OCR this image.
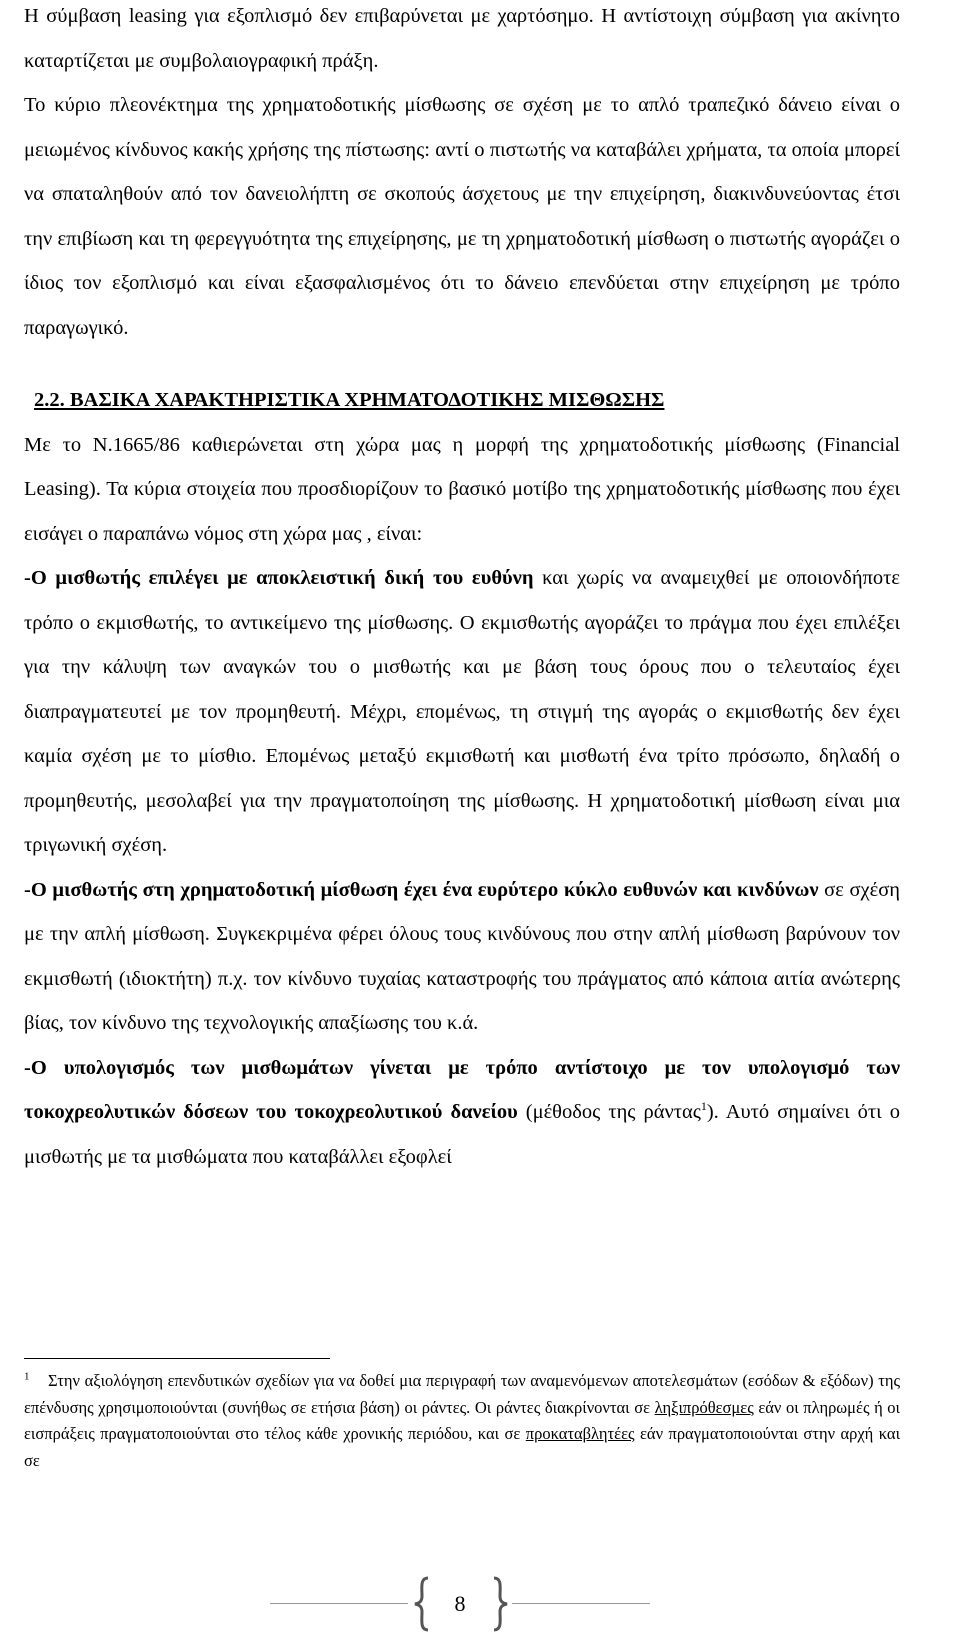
Η σύμβαση leasing για εξοπλισμό δεν επιβαρύνεται με χαρτόσημο. Η αντίστοιχη σύμβαση για ακίνητο καταρτίζεται με συμβολαιογραφική πράξη.

Το κύριο πλεονέκτημα της χρηματοδοτικής μίσθωσης σε σχέση με το απλό τραπεζικό δάνειο είναι ο μειωμένος κίνδυνος κακής χρήσης της πίστωσης: αντί ο πιστωτής να καταβάλει χρήματα, τα οποία μπορεί να σπαταληθούν από τον δανειολήπτη σε σκοπούς άσχετους με την επιχείρηση, διακινδυνεύοντας έτσι την επιβίωση και τη φερεγγυότητα της επιχείρησης, με τη χρηματοδοτική μίσθωση ο πιστωτής αγοράζει ο ίδιος τον εξοπλισμό και είναι εξασφαλισμένος ότι το δάνειο επενδύεται στην επιχείρηση με τρόπο παραγωγικό.

2.2. ΒΑΣΙΚΑ ΧΑΡΑΚΤΗΡΙΣΤΙΚΑ ΧΡΗΜΑΤΟΔΟΤΙΚΗΣ ΜΙΣΘΩΣΗΣ

Με το Ν.1665/86 καθιερώνεται στη χώρα μας η μορφή της χρηματοδοτικής μίσθωσης (Financial Leasing). Τα κύρια στοιχεία που προσδιορίζουν το βασικό μοτίβο της χρηματοδοτικής μίσθωσης που έχει εισάγει ο παραπάνω νόμος στη χώρα μας , είναι:

-Ο μισθωτής επιλέγει με αποκλειστική δική του ευθύνη και χωρίς να αναμειχθεί με οποιονδήποτε τρόπο ο εκμισθωτής, το αντικείμενο της μίσθωσης. Ο εκμισθωτής αγοράζει το πράγμα που έχει επιλέξει για την κάλυψη των αναγκών του ο μισθωτής και με βάση τους όρους που ο τελευταίος έχει διαπραγματευτεί με τον προμηθευτή. Μέχρι, επομένως, τη στιγμή της αγοράς ο εκμισθωτής δεν έχει καμία σχέση με το μίσθιο. Επομένως μεταξύ εκμισθωτή και μισθωτή ένα τρίτο πρόσωπο, δηλαδή ο προμηθευτής, μεσολαβεί για την πραγματοποίηση της μίσθωσης. Η χρηματοδοτική μίσθωση είναι μια τριγωνική σχέση.

-Ο μισθωτής στη χρηματοδοτική μίσθωση έχει ένα ευρύτερο κύκλο ευθυνών και κινδύνων σε σχέση με την απλή μίσθωση. Συγκεκριμένα φέρει όλους τους κινδύνους που στην απλή μίσθωση βαρύνουν τον εκμισθωτή (ιδιοκτήτη) π.χ. τον κίνδυνο τυχαίας καταστροφής του πράγματος από κάποια αιτία ανώτερης βίας, τον κίνδυνο της τεχνολογικής απαξίωσης του κ.ά.

-Ο υπολογισμός των μισθωμάτων γίνεται με τρόπο αντίστοιχο με τον υπολογισμό των τοκοχρεολυτικών δόσεων του τοκοχρεολυτικού δανείου (μέθοδος της ράντας$^1$). Αυτό σημαίνει ότι ο μισθωτής με τα μισθώματα που καταβάλλει εξοφλεί

$^1$ Στην αξιολόγηση επενδυτικών σχεδίων για να δοθεί μια περιγραφή των αναμενόμενων αποτελεσμάτων (εσόδων & εξόδων) της επένδυσης χρησιμοποιούνται (συνήθως σε ετήσια βάση) οι ράντες. Οι ράντες διακρίνονται σε ληξιπρόθεσμες εάν οι πληρωμές ή οι εισπράξεις πραγματοποιούνται στο τέλος κάθε χρονικής περιόδου, και σε προκαταβλητέες εάν πραγματοποιούνται στην αρχή και σε
8
